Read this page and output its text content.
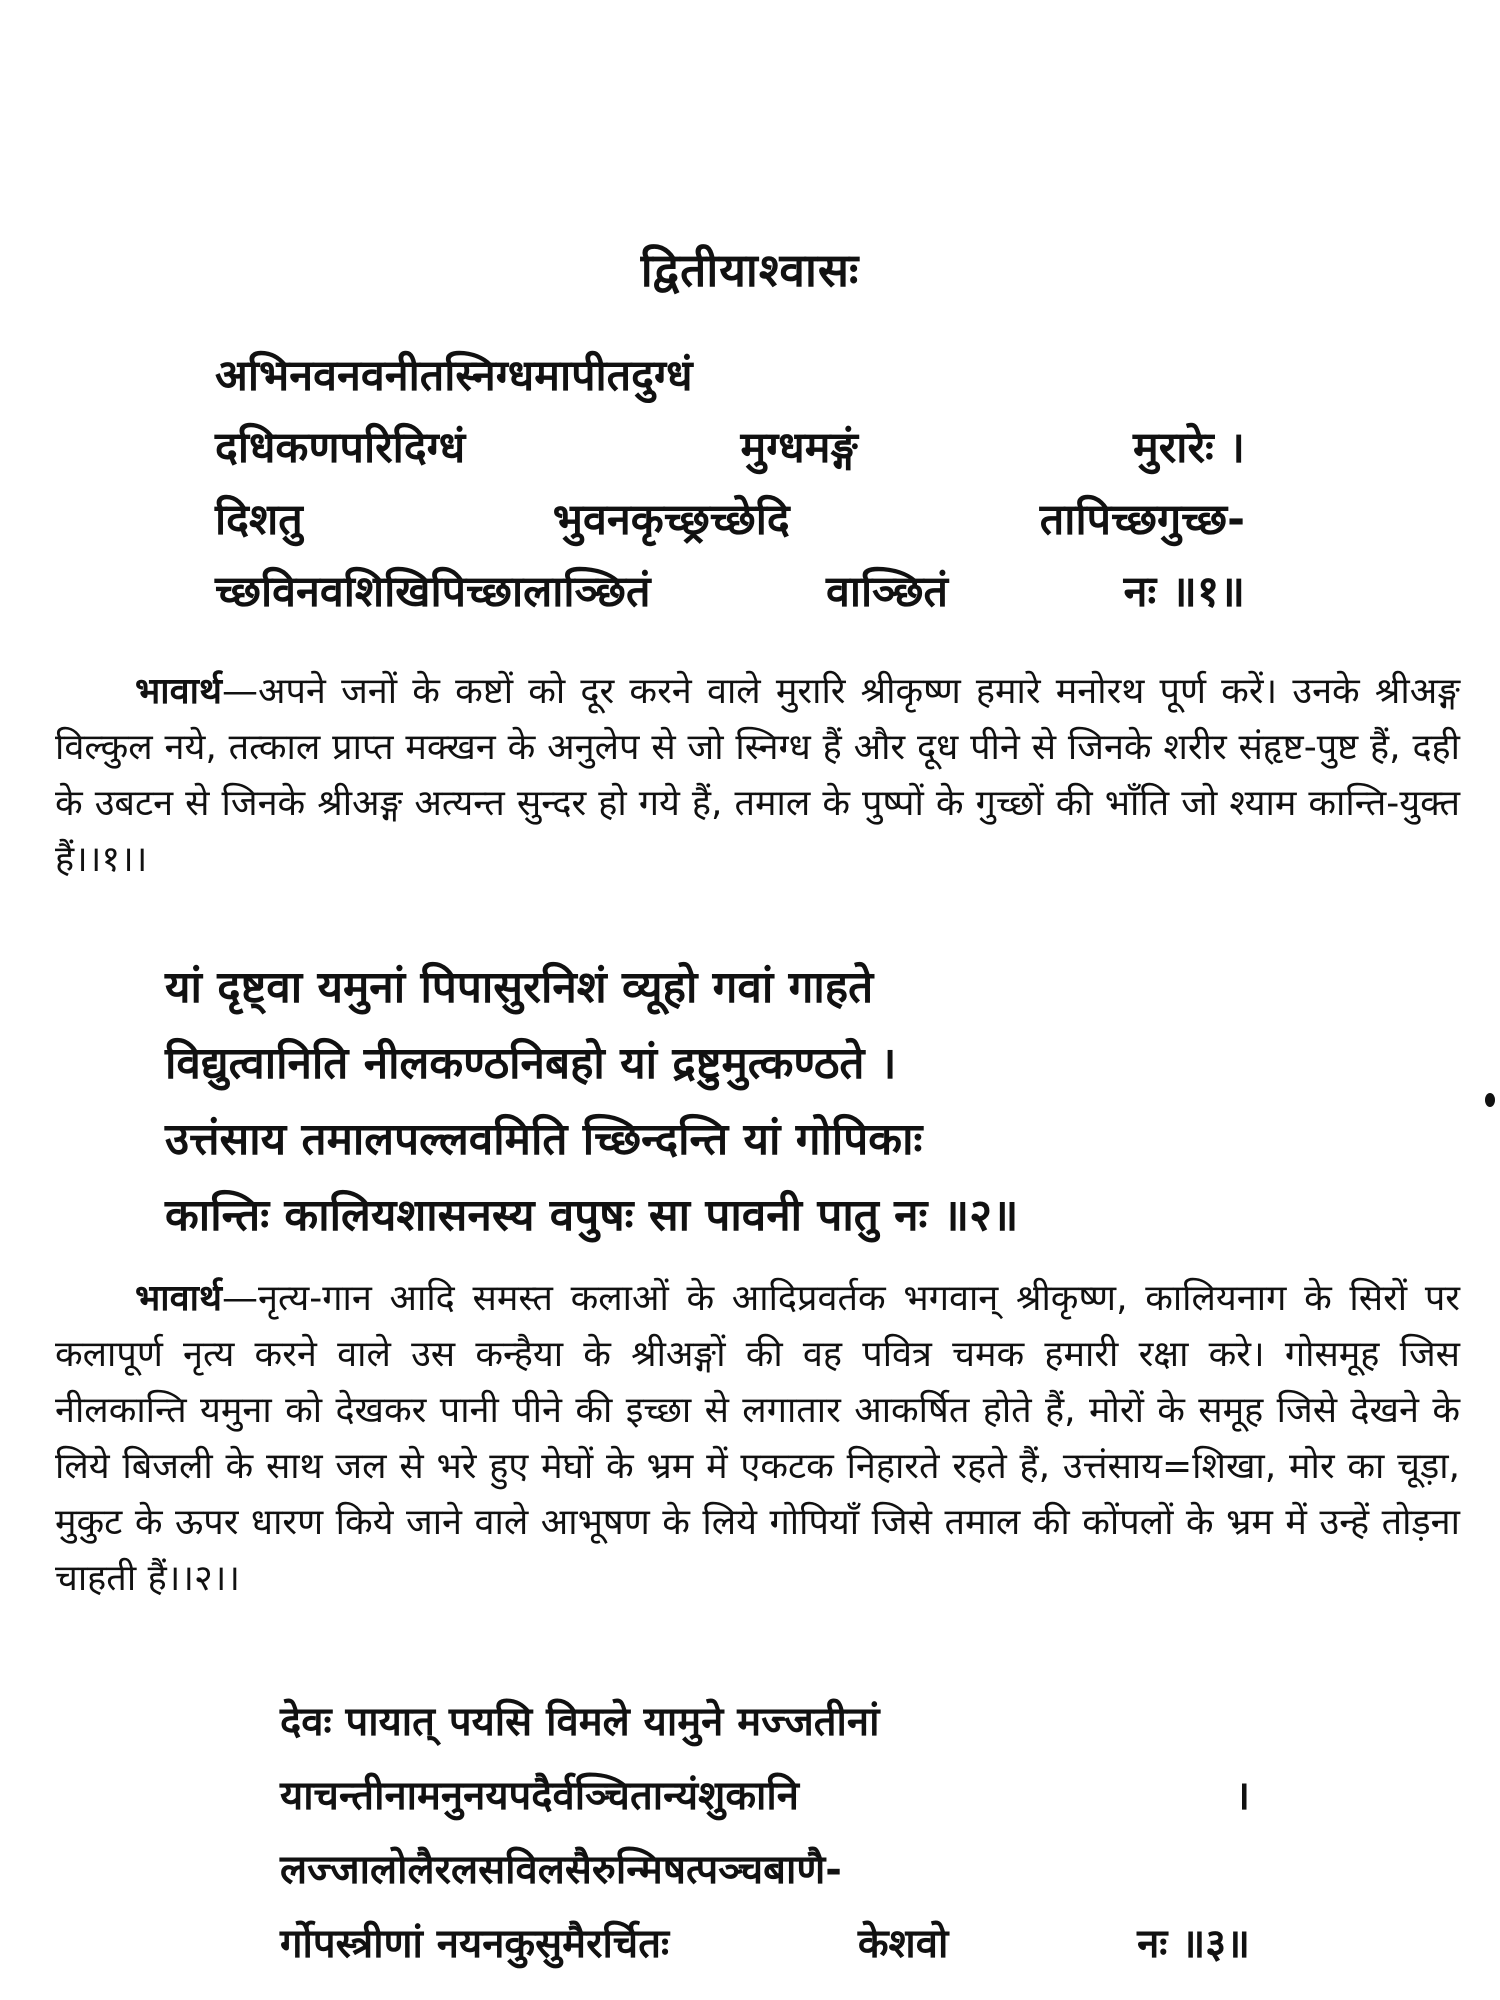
द्वितीयाश्वासः
अभिनवनवनीतस्निग्धमापीतदुग्धं
दधिकणपरिदिग्धं	मुग्धमङ्गं	मुरारेः ।
दिशतु	भुवनकृच्छ्रच्छेदि	तापिच्छगुच्छ-
च्छविनवशिखिपिच्छालाञ्छितं	वाञ्छितं	नः ॥१॥

भावार्थ—अपने जनों के कष्टों को दूर करने वाले मुरारि श्रीकृष्ण हमारे मनोरथ पूर्ण करें। उनके श्रीअङ्ग विल्कुल नये, तत्काल प्राप्त मक्खन के अनुलेप से जो स्निग्ध हैं और दूध पीने से जिनके शरीर संहृष्ट-पुष्ट हैं, दही के उबटन से जिनके श्रीअङ्ग अत्यन्त सुन्दर हो गये हैं, तमाल के पुष्पों के गुच्छों की भाँति जो श्याम कान्ति-युक्त हैं।।१।।

यां दृष्ट्वा यमुनां पिपासुरनिशं व्यूहो गवां गाहते
विद्युत्वानिति नीलकण्ठनिबहो यां द्रष्टुमुत्कण्ठते ।
उत्तंसाय तमालपल्लवमिति च्छिन्दन्ति यां गोपिकाः
कान्तिः कालियशासनस्य वपुषः सा पावनी पातु नः ॥२॥

भावार्थ—नृत्य-गान आदि समस्त कलाओं के आदिप्रवर्तक भगवान् श्रीकृष्ण, कालियनाग के सिरों पर कलापूर्ण नृत्य करने वाले उस कन्हैया के श्रीअङ्गों की वह पवित्र चमक हमारी रक्षा करे। गोसमूह जिस नीलकान्ति यमुना को देखकर पानी पीने की इच्छा से लगातार आकर्षित होते हैं, मोरों के समूह जिसे देखने के लिये बिजली के साथ जल से भरे हुए मेघों के भ्रम में एकटक निहारते रहते हैं, उत्तंसाय=शिखा, मोर का चूड़ा, मुकुट के ऊपर धारण किये जाने वाले आभूषण के लिये गोपियाँ जिसे तमाल की कोंपलों के भ्रम में उन्हें तोड़ना चाहती हैं।।२।।

देवः पायात् पयसि विमले यामुने मज्जतीनां
याचन्तीनामनुनयपदैर्वञ्चितान्यंशुकानि	।
लज्जालोलैरलसविलसैरुन्मिषत्पञ्चबाणै-
र्गोपस्त्रीणां नयनकुसुमैरर्चितः	केशवो	नः ॥३॥
